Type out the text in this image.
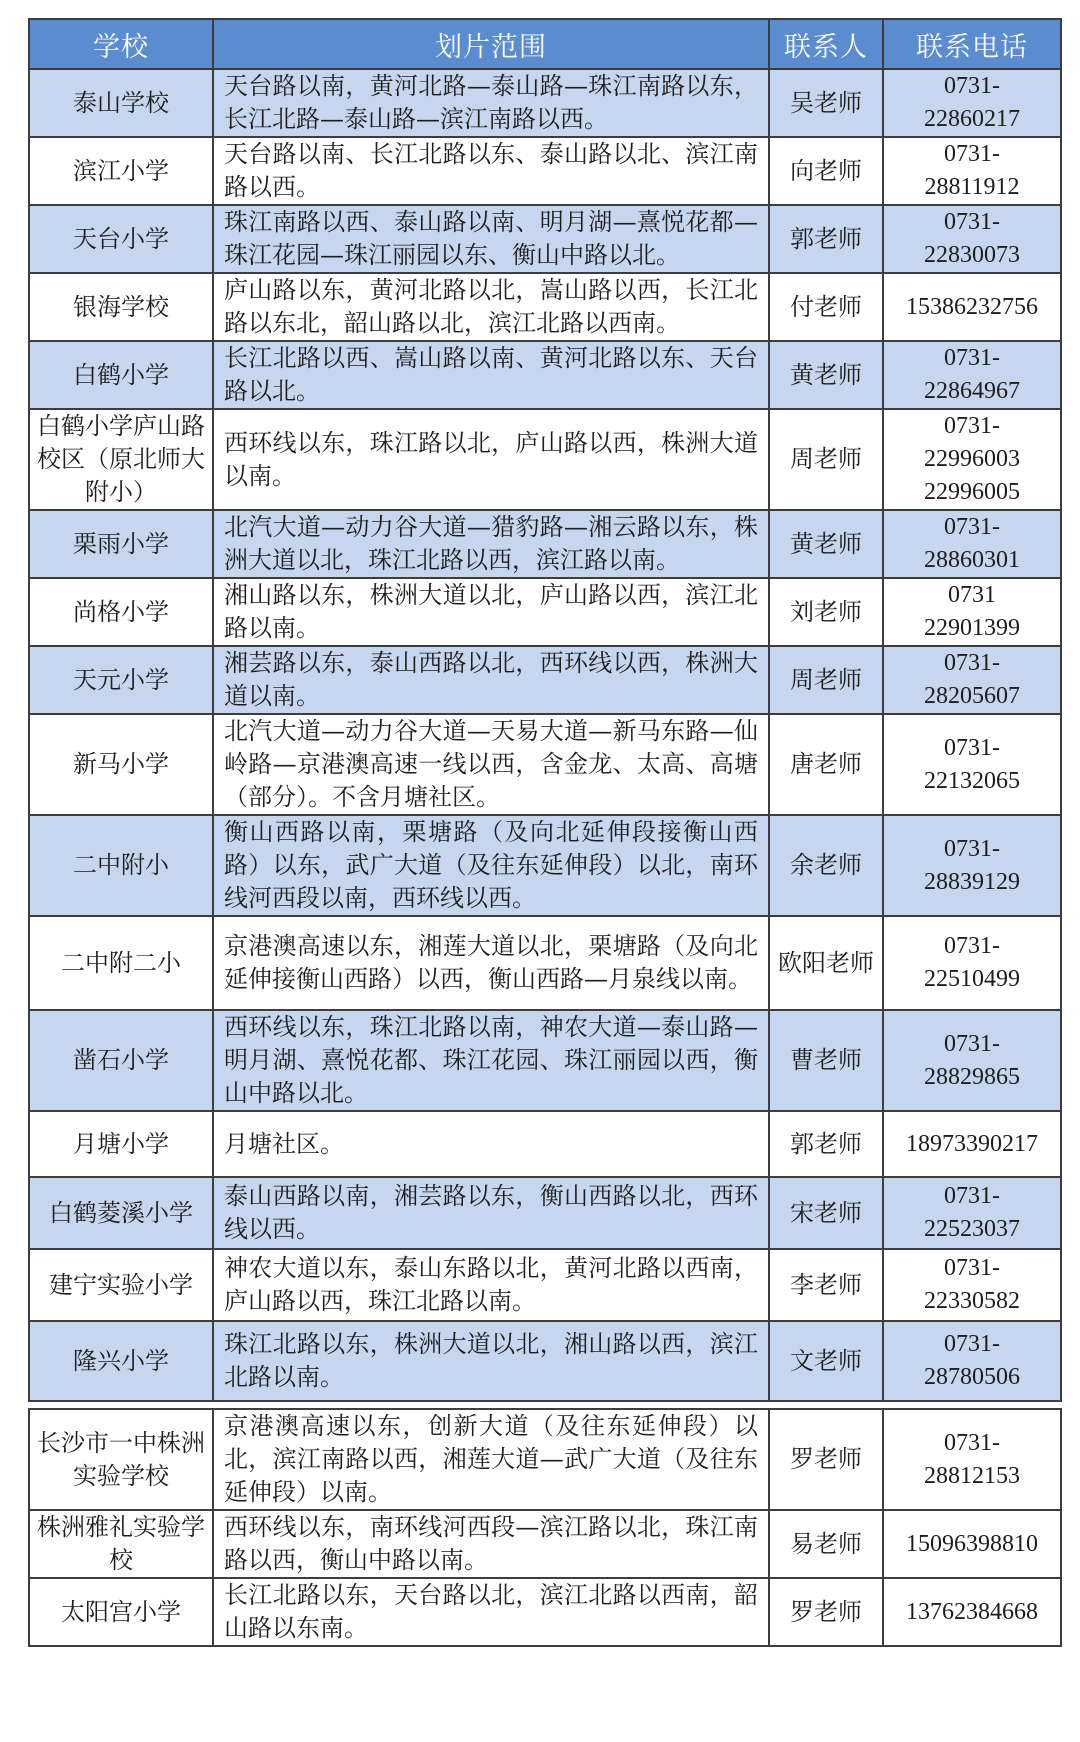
学校	划片范围	联系人	联系电话
泰山学校	天台路以南，黄河北路—泰山路—珠江南路以东，长江北路—泰山路—滨江南路以西。	吴老师	0731-
22860217

滨江小学	天台路以南、长江北路以东、泰山路以北、滨江南路以西。	向老师	0731-
28811912

天台小学	珠江南路以西、泰山路以南、明月湖—熹悦花都—珠江花园—珠江丽园以东、衡山中路以北。	郭老师	0731-
22830073

银海学校	庐山路以东，黄河北路以北，嵩山路以西，长江北路以东北，韶山路以北，滨江北路以西南。	付老师	15386232756

白鹤小学	长江北路以西、嵩山路以南、黄河北路以东、天台路以北。	黄老师	0731-
22864967

白鹤小学庐山路校区（原北师大附小）	西环线以东，珠江路以北，庐山路以西，株洲大道以南。	周老师	0731-
22996003
22996005

栗雨小学	北汽大道—动力谷大道—猎豹路—湘云路以东，株洲大道以北，珠江北路以西，滨江路以南。	黄老师	0731-
28860301

尚格小学	湘山路以东，株洲大道以北，庐山路以西，滨江北路以南。	刘老师	0731
22901399

天元小学	湘芸路以东，泰山西路以北，西环线以西，株洲大道以南。	周老师	0731-
28205607

新马小学	北汽大道—动力谷大道—天易大道—新马东路—仙岭路—京港澳高速一线以西，含金龙、太高、高塘（部分）。不含月塘社区。	唐老师	0731-
22132065

二中附小	衡山西路以南，栗塘路（及向北延伸段接衡山西路）以东，武广大道（及往东延伸段）以北，南环线河西段以南，西环线以西。	余老师	0731-
28839129

二中附二小	京港澳高速以东，湘莲大道以北，栗塘路（及向北延伸接衡山西路）以西，衡山西路—月泉线以南。	欧阳老师	0731-
22510499

凿石小学	西环线以东，珠江北路以南，神农大道—泰山路—明月湖、熹悦花都、珠江花园、珠江丽园以西，衡山中路以北。	曹老师	0731-
28829865

月塘小学	月塘社区。	郭老师	18973390217

白鹤菱溪小学	泰山西路以南，湘芸路以东，衡山西路以北，西环线以西。	宋老师	0731-
22523037

建宁实验小学	神农大道以东，泰山东路以北，黄河北路以西南，庐山路以西，珠江北路以南。	李老师	0731-
22330582

隆兴小学	珠江北路以东，株洲大道以北，湘山路以西，滨江北路以南。	文老师	0731-
28780506

长沙市一中株洲实验学校	京港澳高速以东，创新大道（及往东延伸段）以北，滨江南路以西，湘莲大道—武广大道（及往东延伸段）以南。	罗老师	0731-
28812153

株洲雅礼实验学校	西环线以东，南环线河西段—滨江路以北，珠江南路以西，衡山中路以南。	易老师	15096398810

太阳宫小学	长江北路以东，天台路以北，滨江北路以西南，韶山路以东南。	罗老师	13762384668
